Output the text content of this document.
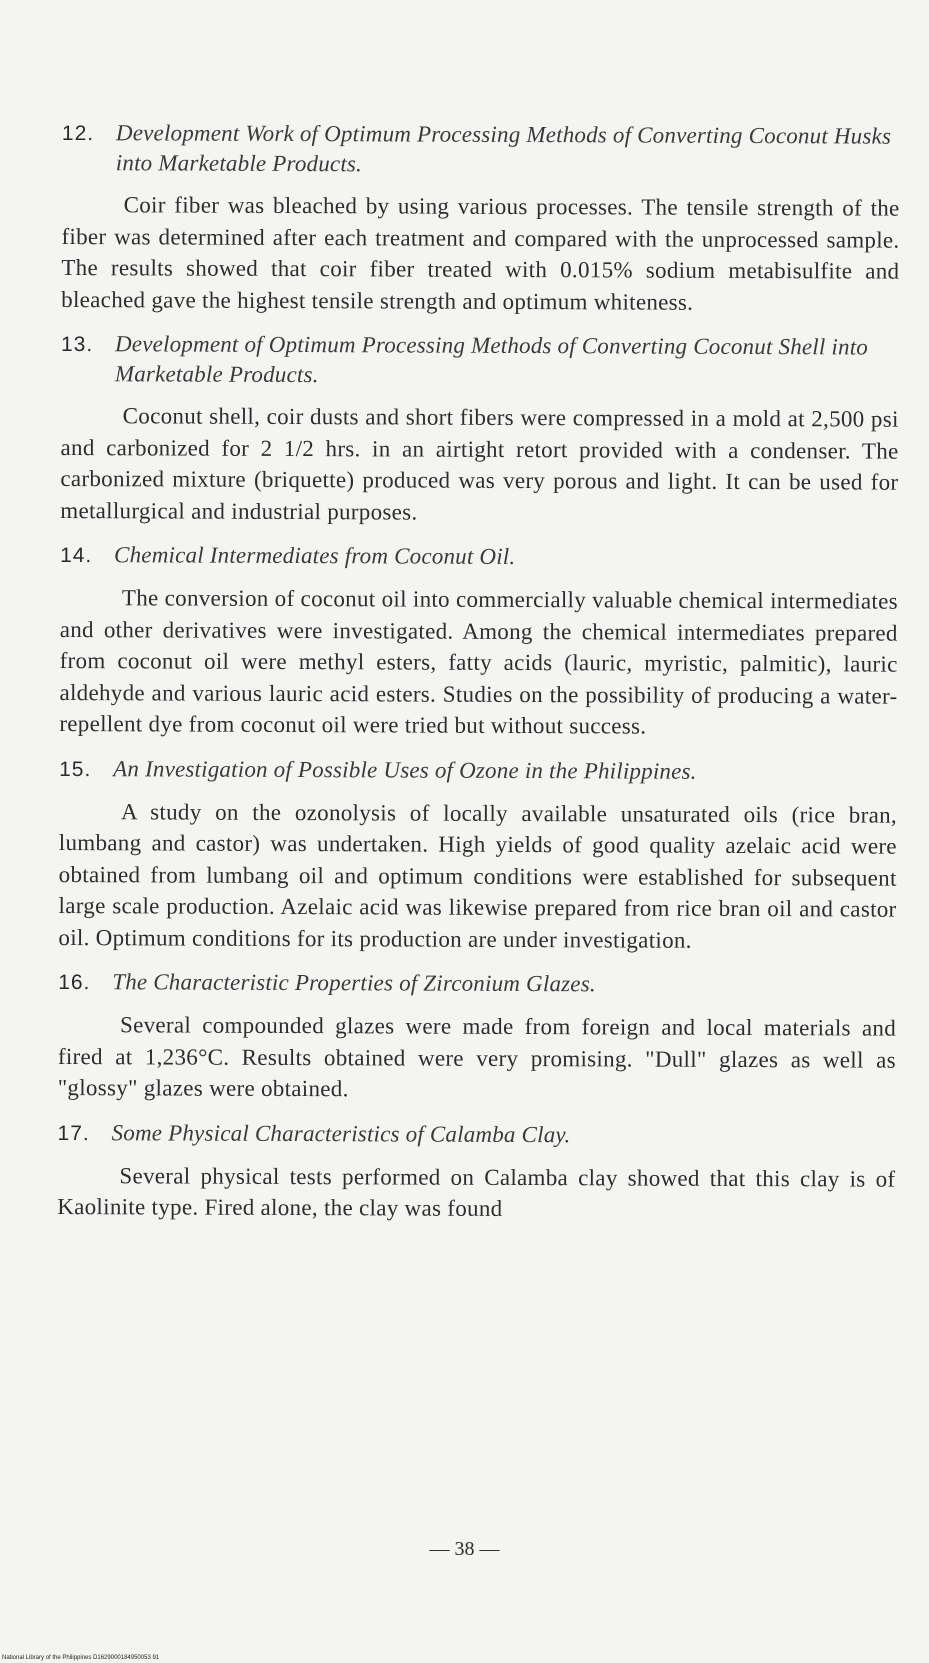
12. Development Work of Optimum Processing Methods of Converting Coconut Husks into Marketable Products.

Coir fiber was bleached by using various processes. The tensile strength of the fiber was determined after each treatment and compared with the unprocessed sample. The results showed that coir fiber treated with 0.015% sodium metabisulfite and bleached gave the highest tensile strength and optimum whiteness.

13. Development of Optimum Processing Methods of Converting Coconut Shell into Marketable Products.

Coconut shell, coir dusts and short fibers were compressed in a mold at 2,500 psi and carbonized for 2 1/2 hrs. in an airtight retort provided with a condenser. The carbonized mixture (briquette) produced was very porous and light. It can be used for metallurgical and industrial purposes.

14. Chemical Intermediates from Coconut Oil.

The conversion of coconut oil into commercially valuable chemical intermediates and other derivatives were investigated. Among the chemical intermediates prepared from coconut oil were methyl esters, fatty acids (lauric, myristic, palmitic), lauric aldehyde and various lauric acid esters. Studies on the possibility of producing a water-repellent dye from coconut oil were tried but without success.

15. An Investigation of Possible Uses of Ozone in the Philippines.

A study on the ozonolysis of locally available unsaturated oils (rice bran, lumbang and castor) was undertaken. High yields of good quality azelaic acid were obtained from lumbang oil and optimum conditions were established for subsequent large scale production. Azelaic acid was likewise prepared from rice bran oil and castor oil. Optimum conditions for its production are under investigation.

16. The Characteristic Properties of Zirconium Glazes.

Several compounded glazes were made from foreign and local materials and fired at 1,236°C. Results obtained were very promising. "Dull" glazes as well as "glossy" glazes were obtained.

17. Some Physical Characteristics of Calamba Clay.

Several physical tests performed on Calamba clay showed that this clay is of Kaolinite type. Fired alone, the clay was found

— 38 —
National Library of the Philippines D1629000184950053 91
